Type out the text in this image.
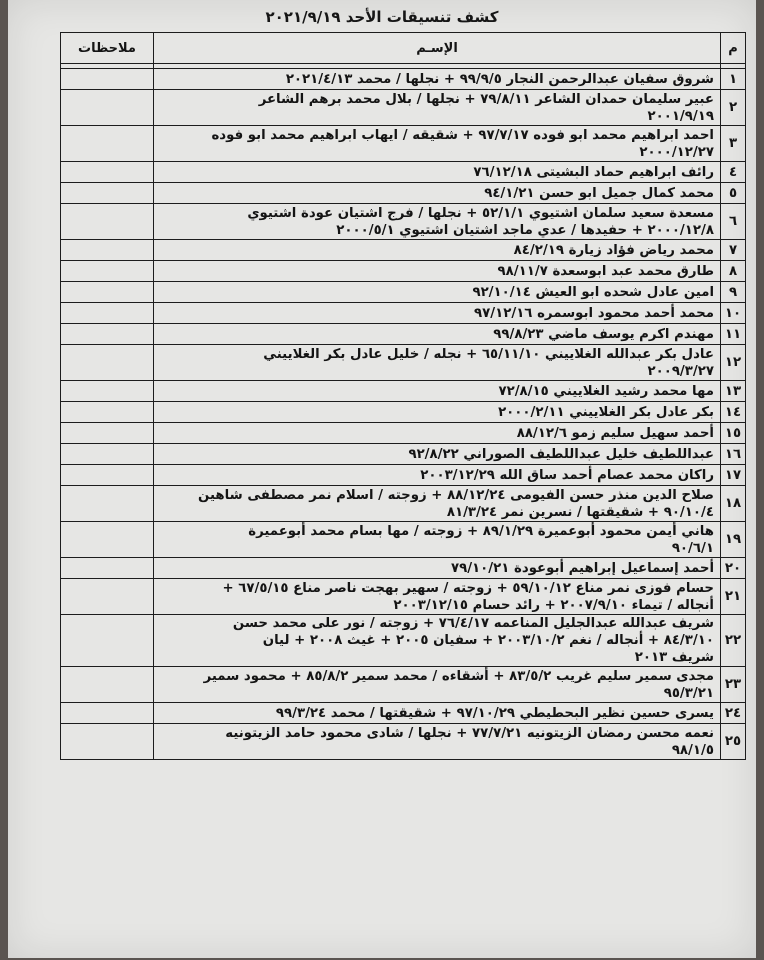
كشف تنسيقات الأحد ٢٠٢١/٩/١٩
م	الإسـم	ملاحظات

١	شروق سفيان عبدالرحمن النجار ٩٩/٩/٥ + نجلها / محمد ٢٠٢١/٤/١٣	
٢	عبير سليمان حمدان الشاعر ٧٩/٨/١١ + نجلها / بلال محمد برهم الشاعر
٢٠٠١/٩/١٩	
٣	احمد ابراهيم محمد ابو فوده ٩٧/٧/١٧ + شقيقه / ايهاب ابراهيم محمد ابو فوده
٢٠٠٠/١٢/٢٧	
٤	رائف ابراهيم حماد البشيتى ٧٦/١٢/١٨	
٥	محمد كمال جميل ابو حسن ٩٤/١/٢١	
٦	مسعدة سعيد سلمان اشتيوي ٥٢/١/١ + نجلها / فرج اشتيان عودة اشتيوي
٢٠٠٠/١٢/٨ + حفيدها / عدي ماجد اشتيان اشتيوي ٢٠٠٠/٥/١	
٧	محمد رياض فؤاد زيارة ٨٤/٢/١٩	
٨	طارق محمد عبد ابوسعدة ٩٨/١١/٧	
٩	امين عادل شحده ابو العيش ٩٢/١٠/١٤	
١٠	محمد أحمد محمود ابوسمره ٩٧/١٢/١٦	
١١	مهندم اكرم يوسف ماضي ٩٩/٨/٢٣	
١٢	عادل بكر عبدالله الغلاييني ٦٥/١١/١٠ + نجله / خليل عادل بكر الغلاييني
٢٠٠٩/٣/٢٧	
١٣	مها محمد رشيد الغلاييني ٧٢/٨/١٥	
١٤	بكر عادل بكر الغلاييني ٢٠٠٠/٢/١١	
١٥	أحمد سهيل سليم زمو ٨٨/١٢/٦	
١٦	عبداللطيف خليل عبداللطيف الصوراني ٩٢/٨/٢٢	
١٧	راكان محمد عصام أحمد ساق الله ٢٠٠٣/١٢/٢٩	
١٨	صلاح الدين منذر حسن الفيومى ٨٨/١٢/٢٤ + زوجته / اسلام نمر مصطفى شاهين
٩٠/١٠/٤ + شقيقتها / نسرين نمر ٨١/٣/٢٤	
١٩	هاني أيمن محمود أبوعميرة ٨٩/١/٢٩ + زوجته / مها بسام محمد أبوعميرة
٩٠/٦/١	
٢٠	أحمد إسماعيل إبراهيم أبوعودة ٧٩/١٠/٢١	
٢١	حسام فوزى نمر مناع ٥٩/١٠/١٢ + زوجته / سهير بهجت ناصر مناع ٦٧/٥/١٥ +
أنجاله / تيماء ٢٠٠٧/٩/١٠ + رائد حسام ٢٠٠٣/١٢/١٥	
٢٢	شريف عبدالله عبدالجليل المناعمه ٧٦/٤/١٧ + زوجته / نور على محمد حسن
٨٤/٣/١٠ + أنجاله / نغم ٢٠٠٣/١٠/٢ + سفيان ٢٠٠٥ + غيث ٢٠٠٨ + ليان
شريف ٢٠١٣	
٢٣	مجدى سمير سليم غريب ٨٣/٥/٢ + أشقاءه / محمد سمير ٨٥/٨/٢ + محمود سمير
٩٥/٣/٢١	
٢٤	يسرى حسين نظير البحطيطي ٩٧/١٠/٢٩ + شقيقتها / محمد ٩٩/٣/٢٤	
٢٥	نعمه محسن رمضان الزيتونيه ٧٧/٧/٢١ + نجلها / شادى محمود حامد الزيتونيه
٩٨/١/٥	
